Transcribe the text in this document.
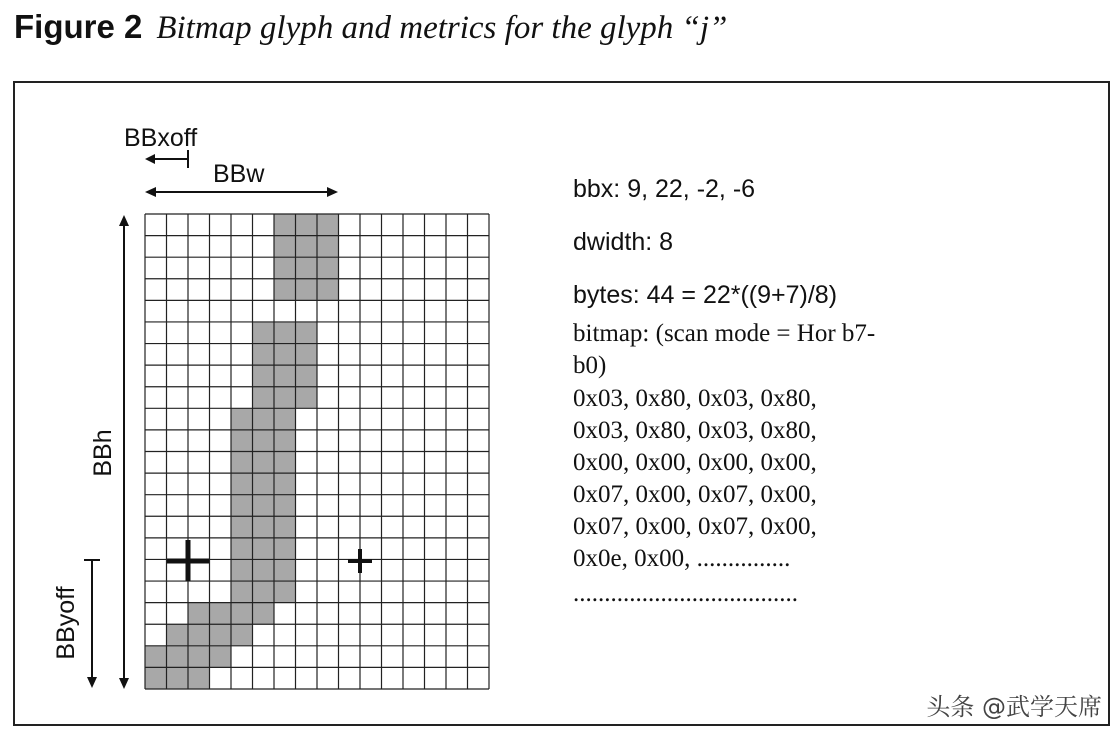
Figure 2 Bitmap glyph and metrics for the glyph “j”
BBxoff
BBw
BBh
BByoff
bbx: 9, 22, -2, -6
dwidth: 8
bytes: 44 = 22*((9+7)/8)
bitmap: (scan mode = Hor b7-
b0)
0x03, 0x80, 0x03, 0x80,
0x03, 0x80, 0x03, 0x80,
0x00, 0x00, 0x00, 0x00,
0x07, 0x00, 0x07, 0x00,
0x07, 0x00, 0x07, 0x00,
0x0e, 0x00, ...............
....................................
头条 @武学天席
